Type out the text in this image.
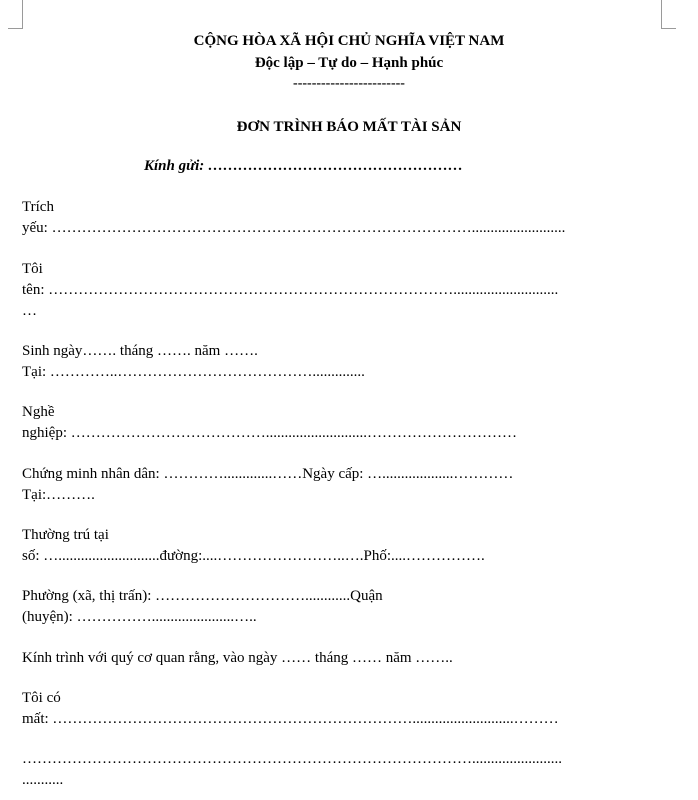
CỘNG HÒA XÃ HỘI CHỦ NGHĨA VIỆT NAM
Độc lập – Tự do – Hạnh phúc
------------------------
ĐƠN TRÌNH BÁO MẤT TÀI SẢN
Kính gửi: ……………………………………………
Trích
yếu: ………………………………………………………………………….........................
Tôi
tên: ………………………………………………………………………............................
…
Sinh ngày……. tháng ……. năm …….
Tại: …………..…………………………………..............
Nghề
nghiệp: …………………………………...........................…………………………
Chứng minh nhân dân: ………….............……Ngày cấp: …...................…………
Tại:……….
Thường trú tại
số: …...........................đường:....……………………..….Phố:....…………….
Phường (xã, thị trấn): …………………………............Quận
(huyện): ……………......................…..
Kính trình với quý cơ quan rằng, vào ngày …… tháng …… năm ……..
Tôi có
mất: ………………………………………………………………...........................………
………………………………………………………………………………........................
...........
